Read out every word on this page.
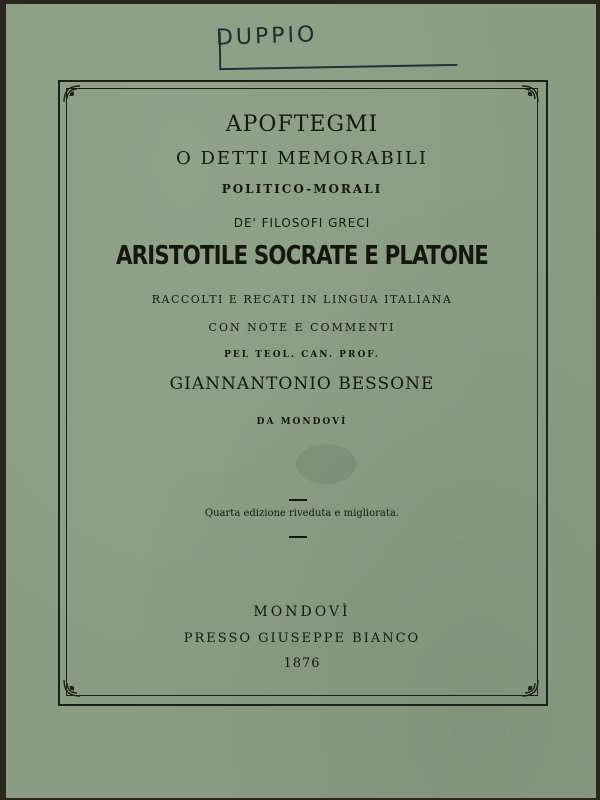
DUPPIO
APOFTEGMI
O DETTI MEMORABILI
POLITICO-MORALI
DE' FILOSOFI GRECI
ARISTOTILE SOCRATE E PLATONE
RACCOLTI E RECATI IN LINGUA ITALIANA
CON NOTE E COMMENTI
PEL TEOL. CAN. PROF.
GIANNANTONIO BESSONE
DA MONDOVÌ
Quarta edizione riveduta e migliorata.
MONDOVÌ
PRESSO GIUSEPPE BIANCO
1876
